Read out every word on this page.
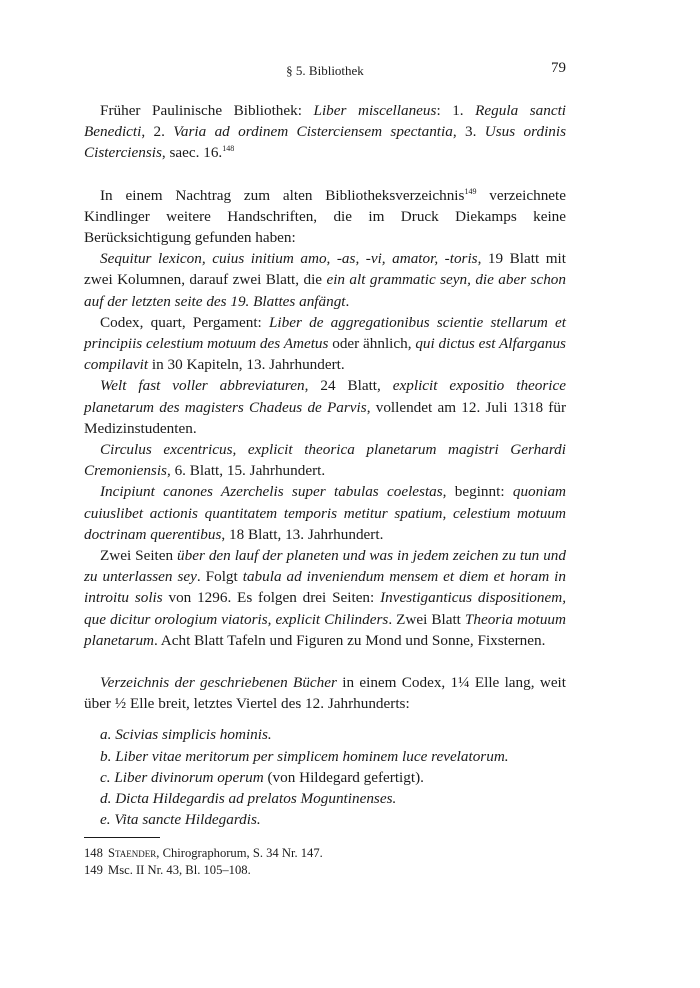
§ 5. Bibliothek	79

Früher Paulinische Bibliothek: Liber miscellaneus: 1. Regula sancti Benedicti, 2. Varia ad ordinem Cisterciensem spectantia, 3. Usus ordinis Cisterciensis, saec. 16.$^{148}$

In einem Nachtrag zum alten Bibliotheksverzeichnis$^{149}$ verzeichnete Kindlinger weitere Handschriften, die im Druck Diekamps keine Berücksichtigung gefunden haben:

Sequitur lexicon, cuius initium amo, -as, -vi, amator, -toris, 19 Blatt mit zwei Kolumnen, darauf zwei Blatt, die ein alt grammatic seyn, die aber schon auf der letzten seite des 19. Blattes anfängt.

Codex, quart, Pergament: Liber de aggregationibus scientie stellarum et principiis celestium motuum des Ametus oder ähnlich, qui dictus est Alfarganus compilavit in 30 Kapiteln, 13. Jahrhundert.

Welt fast voller abbreviaturen, 24 Blatt, explicit expositio theorice planetarum des magisters Chadeus de Parvis, vollendet am 12. Juli 1318 für Medizinstudenten.

Circulus excentricus, explicit theorica planetarum magistri Gerhardi Cremoniensis, 6. Blatt, 15. Jahrhundert.

Incipiunt canones Azerchelis super tabulas coelestas, beginnt: quoniam cuiuslibet actionis quantitatem temporis metitur spatium, celestium motuum doctrinam querentibus, 18 Blatt, 13. Jahrhundert.

Zwei Seiten über den lauf der planeten und was in jedem zeichen zu tun und zu unterlassen sey. Folgt tabula ad inveniendum mensem et diem et horam in introitu solis von 1296. Es folgen drei Seiten: Investiganticus dispositionem, que dicitur orologium viatoris, explicit Chilinders. Zwei Blatt Theoria motuum planetarum. Acht Blatt Tafeln und Figuren zu Mond und Sonne, Fixsternen.

Verzeichnis der geschriebenen Bücher in einem Codex, 1¼ Elle lang, weit über ½ Elle breit, letztes Viertel des 12. Jahrhunderts:

a. Scivias simplicis hominis.
b. Liber vitae meritorum per simplicem hominem luce revelatorum.
c. Liber divinorum operum (von Hildegard gefertigt).
d. Dicta Hildegardis ad prelatos Moguntinenses.
e. Vita sancte Hildegardis.
148 Staender, Chirographorum, S. 34 Nr. 147.
149 Msc. II Nr. 43, Bl. 105–108.
